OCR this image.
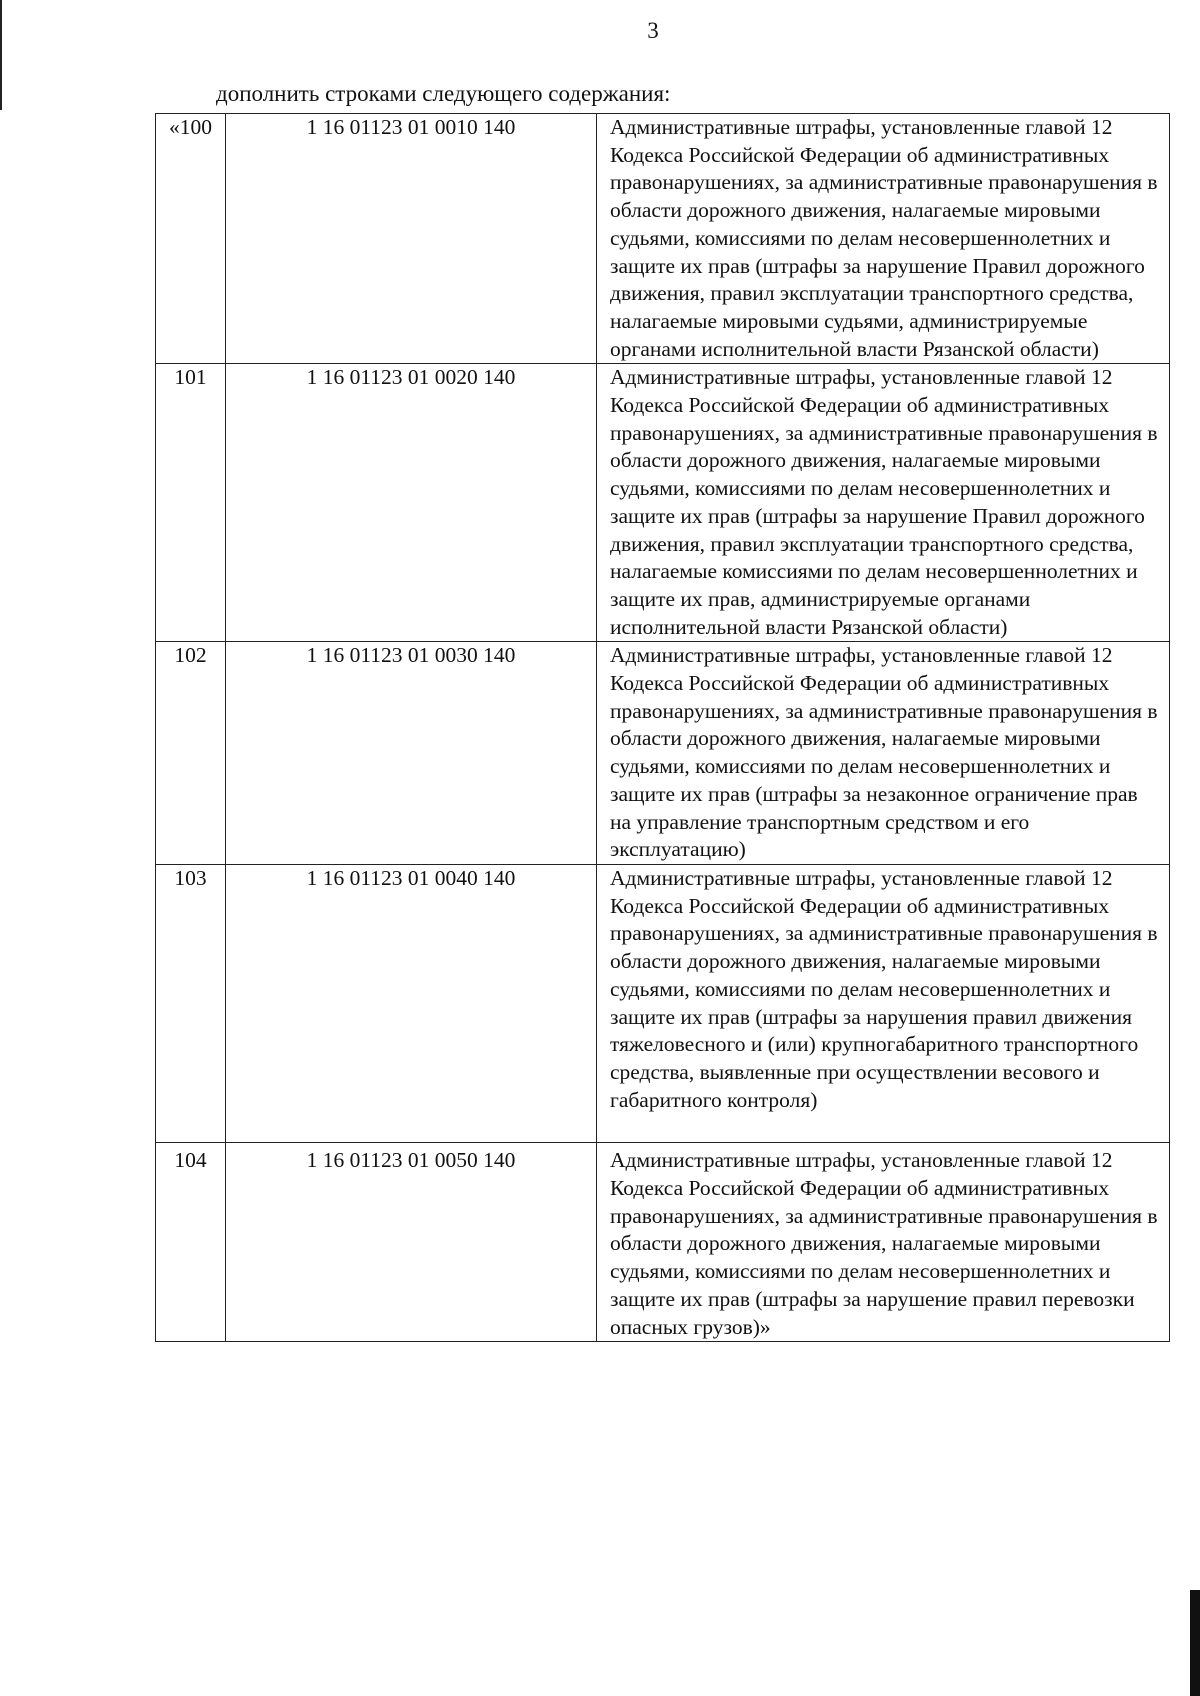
3
дополнить строками следующего содержания:
«100	1 16 01123 01 0010 140	Административные штрафы, установленные главой 12 Кодекса Российской Федерации об административных правонарушениях, за административные правонарушения в области дорожного движения, налагаемые мировыми судьями, комиссиями по делам несовершеннолетних и защите их прав (штрафы за нарушение Правил дорожного движения, правил эксплуатации транспортного средства, налагаемые мировыми судьями, администрируемые органами исполнительной власти Рязанской области)
101	1 16 01123 01 0020 140	Административные штрафы, установленные главой 12 Кодекса Российской Федерации об административных правонарушениях, за административные правонарушения в области дорожного движения, налагаемые мировыми судьями, комиссиями по делам несовершеннолетних и защите их прав (штрафы за нарушение Правил дорожного движения, правил эксплуатации транспортного средства, налагаемые комиссиями по делам несовершеннолетних и защите их прав, администрируемые органами исполнительной власти Рязанской области)
102	1 16 01123 01 0030 140	Административные штрафы, установленные главой 12 Кодекса Российской Федерации об административных правонарушениях, за административные правонарушения в области дорожного движения, налагаемые мировыми судьями, комиссиями по делам несовершеннолетних и защите их прав (штрафы за незаконное ограничение прав на управление транспортным средством и его эксплуатацию)
103	1 16 01123 01 0040 140	Административные штрафы, установленные главой 12 Кодекса Российской Федерации об административных правонарушениях, за административные правонарушения в области дорожного движения, налагаемые мировыми судьями, комиссиями по делам несовершеннолетних и защите их прав (штрафы за нарушения правил движения тяжеловесного и (или) крупногабаритного транспортного средства, выявленные при осуществлении весового и габаритного контроля)
104	1 16 01123 01 0050 140	Административные штрафы, установленные главой 12 Кодекса Российской Федерации об административных правонарушениях, за административные правонарушения в области дорожного движения, налагаемые мировыми судьями, комиссиями по делам несовершеннолетних и защите их прав (штрафы за нарушение правил перевозки опасных грузов)»
